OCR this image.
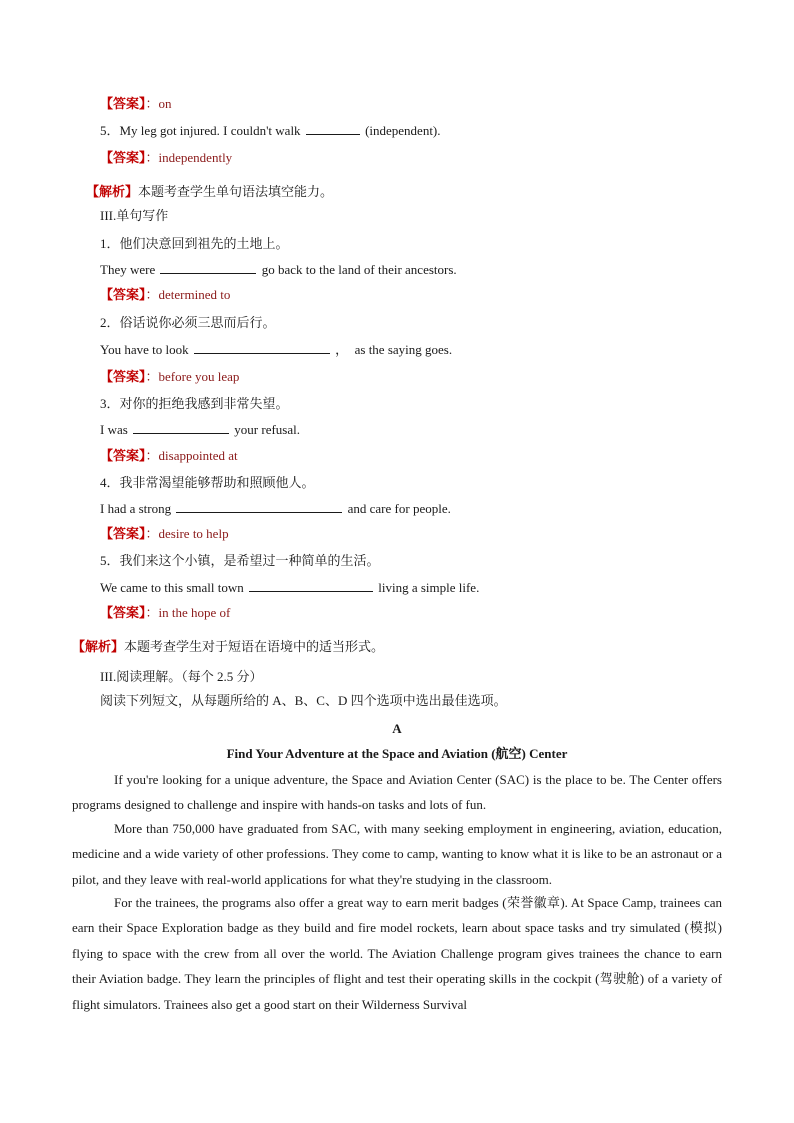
【答案】：on
5．My leg got injured. I couldn't walk	(independent).
【答案】：independently
【解析】本题考查学生单句语法填空能力。
III.单句写作
1．他们决意回到祖先的土地上。
They were	go back to the land of their ancestors.
【答案】：determined to
2．俗话说你必须三思而后行。
You have to look	，　as the saying goes.
【答案】：before you leap
3．对你的拒绝我感到非常失望。
I was	your refusal.
【答案】：disappointed at
4．我非常渴望能够帮助和照顾他人。
I had a strong	and care for people.
【答案】：desire to help
5．我们来这个小镇，是希望过一种简单的生活。
We came to this small town	living a simple life.
【答案】：in the hope of
【解析】本题考查学生对于短语在语境中的适当形式。
III.阅读理解。（每个 2.5 分）
阅读下列短文，从每题所给的 A、B、C、D 四个选项中选出最佳选项。
A
Find Your Adventure at the Space and Aviation (航空) Center
If you're looking for a unique adventure, the Space and Aviation Center (SAC) is the place to be. The Center offers programs designed to challenge and inspire with hands-on tasks and lots of fun.
More than 750,000 have graduated from SAC, with many seeking employment in engineering, aviation, education, medicine and a wide variety of other professions. They come to camp, wanting to know what it is like to be an astronaut or a pilot, and they leave with real-world applications for what they're studying in the classroom.
For the trainees, the programs also offer a great way to earn merit badges (荣誉徽章). At Space Camp, trainees can earn their Space Exploration badge as they build and fire model rockets, learn about space tasks and try simulated (模拟) flying to space with the crew from all over the world. The Aviation Challenge program gives trainees the chance to earn their Aviation badge. They learn the principles of flight and test their operating skills in the cockpit (驾驶舱) of a variety of flight simulators. Trainees also get a good start on their Wilderness Survival
